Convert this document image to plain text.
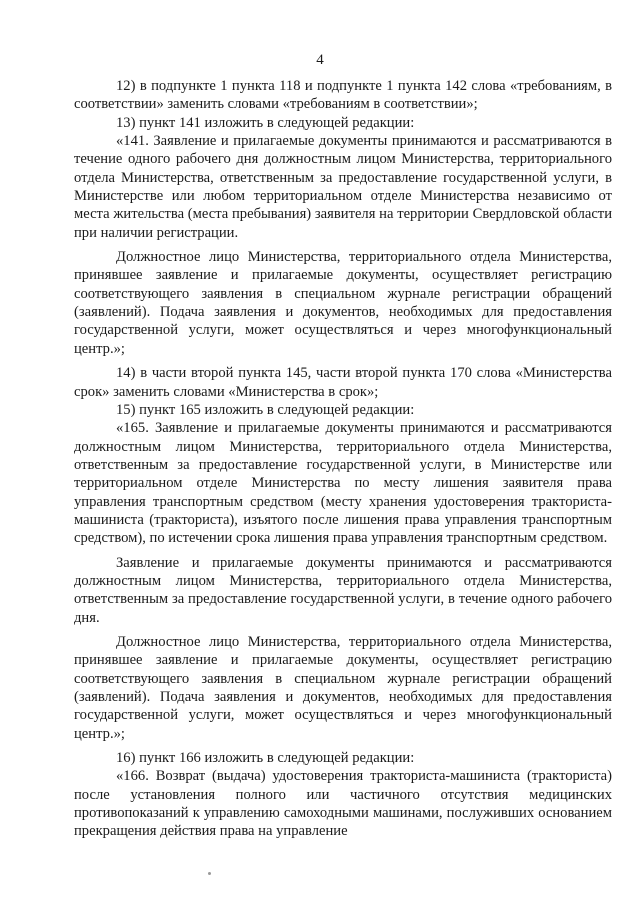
4

12) в подпункте 1 пункта 118 и подпункте 1 пункта 142 слова «требованиям, в соответствии» заменить словами «требованиям в соответствии»;

13) пункт 141 изложить в следующей редакции:

«141. Заявление и прилагаемые документы принимаются и рассматриваются в течение одного рабочего дня должностным лицом Министерства, территориального отдела Министерства, ответственным за предоставление государственной услуги, в Министерстве или любом территориальном отделе Министерства независимо от места жительства (места пребывания) заявителя на территории Свердловской области при наличии регистрации.

Должностное лицо Министерства, территориального отдела Министерства, принявшее заявление и прилагаемые документы, осуществляет регистрацию соответствующего заявления в специальном журнале регистрации обращений (заявлений). Подача заявления и документов, необходимых для предоставления государственной услуги, может осуществляться и через многофункциональный центр.»;

14) в части второй пункта 145, части второй пункта 170 слова «Министерства срок» заменить словами «Министерства в срок»;

15) пункт 165 изложить в следующей редакции:

«165. Заявление и прилагаемые документы принимаются и рассматриваются должностным лицом Министерства, территориального отдела Министерства, ответственным за предоставление государственной услуги, в Министерстве или территориальном отделе Министерства по месту лишения заявителя права управления транспортным средством (месту хранения удостоверения тракториста-машиниста (тракториста), изъятого после лишения права управления транспортным средством), по истечении срока лишения права управления транспортным средством.

Заявление и прилагаемые документы принимаются и рассматриваются должностным лицом Министерства, территориального отдела Министерства, ответственным за предоставление государственной услуги, в течение одного рабочего дня.

Должностное лицо Министерства, территориального отдела Министерства, принявшее заявление и прилагаемые документы, осуществляет регистрацию соответствующего заявления в специальном журнале регистрации обращений (заявлений). Подача заявления и документов, необходимых для предоставления государственной услуги, может осуществляться и через многофункциональный центр.»;

16) пункт 166 изложить в следующей редакции:

«166. Возврат (выдача) удостоверения тракториста-машиниста (тракториста) после установления полного или частичного отсутствия медицинских противопоказаний к управлению самоходными машинами, послуживших основанием прекращения действия права на управление
